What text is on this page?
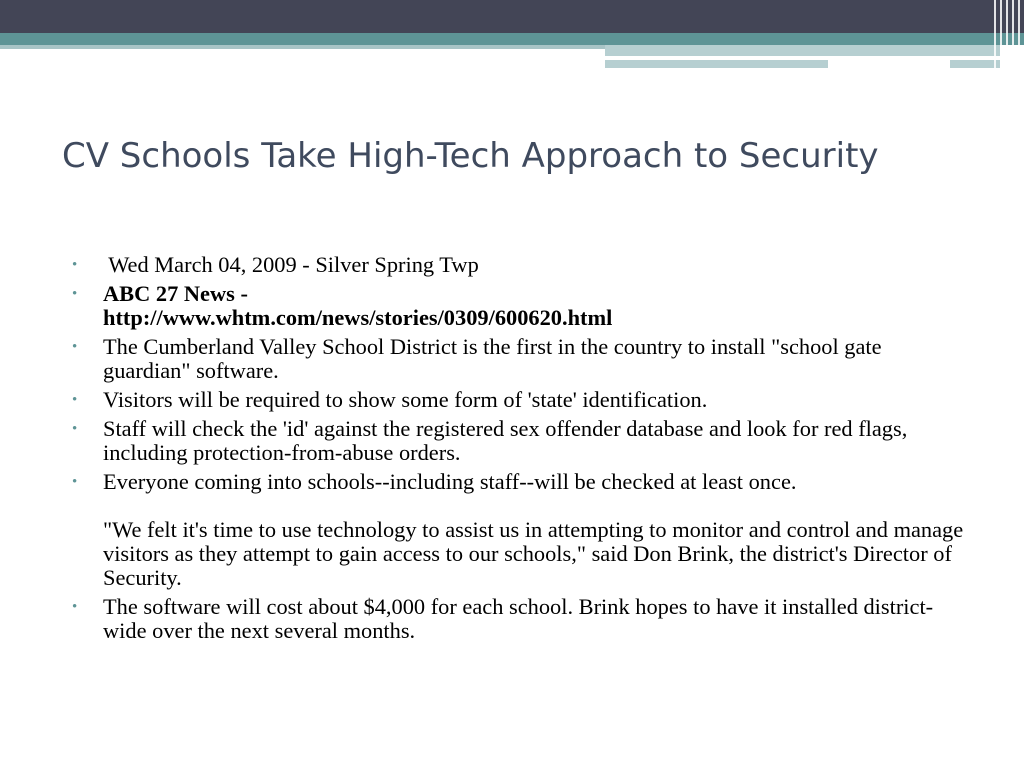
CV Schools Take High-Tech Approach to Security
•	Wed March 04, 2009 - Silver Spring Twp
•	ABC 27 News -
http://www.whtm.com/news/stories/0309/600620.html
•	The Cumberland Valley School District is the first in the country to install "school gate guardian" software.
•	Visitors will be required to show some form of 'state' identification.
•	Staff will check the 'id' against the registered sex offender database and look for red flags, including protection-from-abuse orders.
•	Everyone coming into schools--including staff--will be checked at least once.
"We felt it's time to use technology to assist us in attempting to monitor and control and manage visitors as they attempt to gain access to our schools," said Don Brink, the district's Director of Security.
•	The software will cost about $4,000 for each school. Brink hopes to have it installed district-wide over the next several months.
